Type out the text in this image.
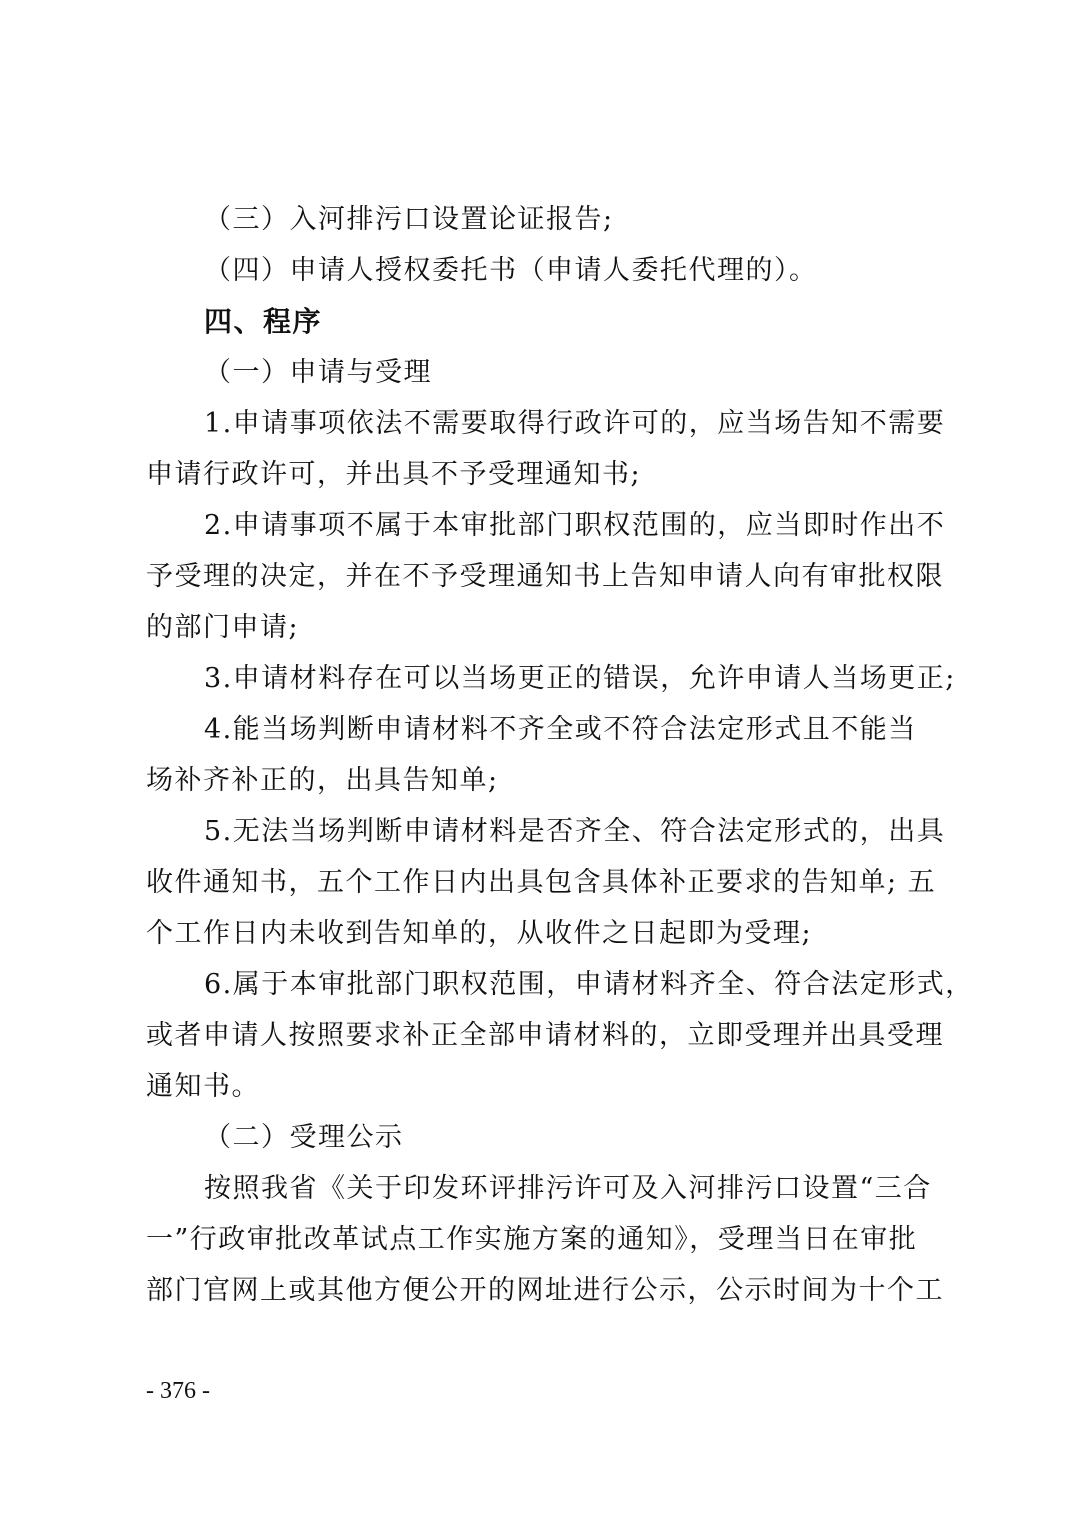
（三）入河排污口设置论证报告;
（四）申请人授权委托书（申请人委托代理的）。
四、程序
（一）申请与受理
1.申请事项依法不需要取得行政许可的，应当场告知不需要
申请行政许可，并出具不予受理通知书;
2.申请事项不属于本审批部门职权范围的，应当即时作出不
予受理的决定，并在不予受理通知书上告知申请人向有审批权限
的部门申请;
3.申请材料存在可以当场更正的错误，允许申请人当场更正;
4.能当场判断申请材料不齐全或不符合法定形式且不能当
场补齐补正的，出具告知单;
5.无法当场判断申请材料是否齐全、符合法定形式的，出具
收件通知书，五个工作日内出具包含具体补正要求的告知单; 五
个工作日内未收到告知单的，从收件之日起即为受理;
6.属于本审批部门职权范围，申请材料齐全、符合法定形式，
或者申请人按照要求补正全部申请材料的，立即受理并出具受理
通知书。
（二）受理公示
按照我省《关于印发环评排污许可及入河排污口设置“三合
一”行政审批改革试点工作实施方案的通知》，受理当日在审批
部门官网上或其他方便公开的网址进行公示，公示时间为十个工
- 376 -
